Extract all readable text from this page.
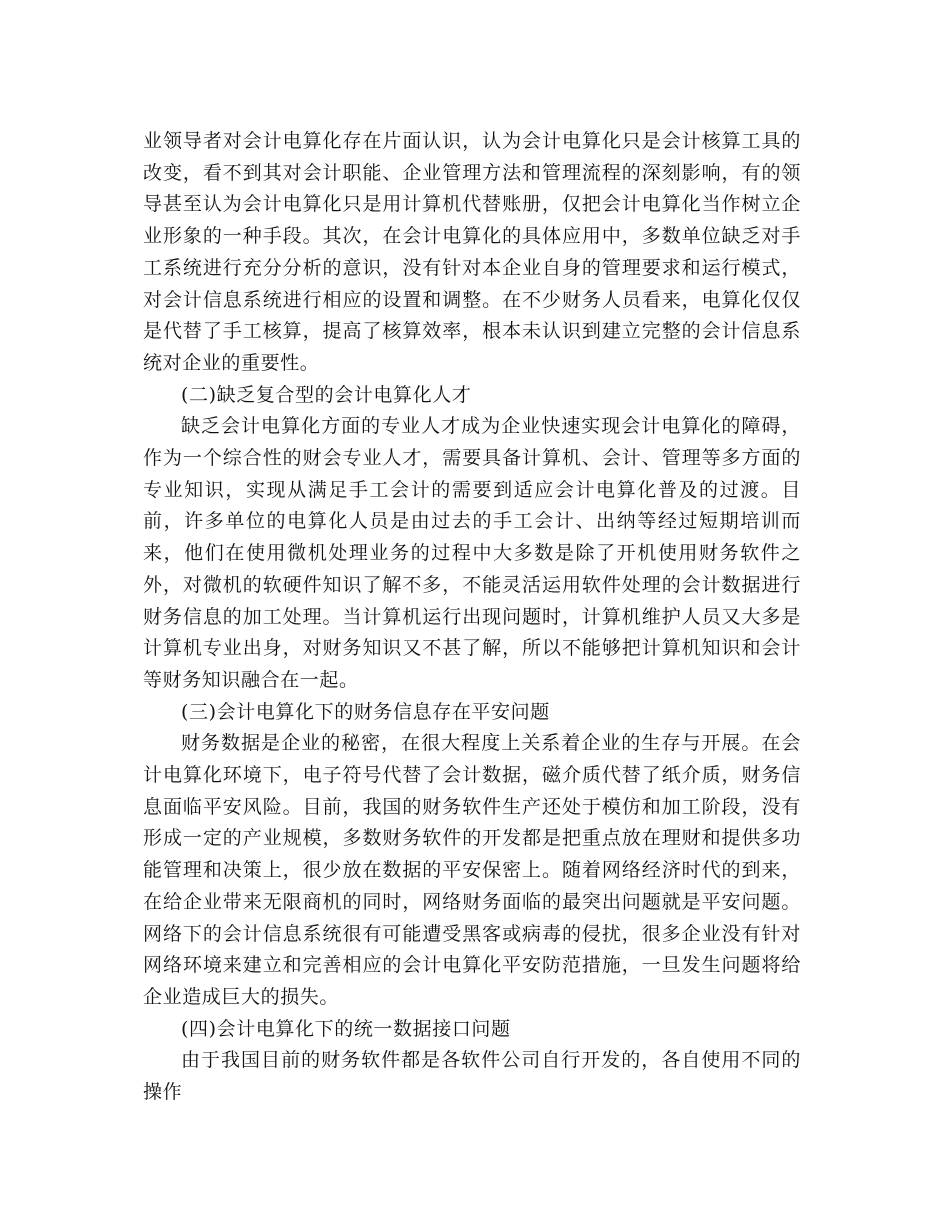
业领导者对会计电算化存在片面认识，认为会计电算化只是会计核算工具的改变，看不到其对会计职能、企业管理方法和管理流程的深刻影响，有的领导甚至认为会计电算化只是用计算机代替账册，仅把会计电算化当作树立企业形象的一种手段。其次，在会计电算化的具体应用中，多数单位缺乏对手工系统进行充分分析的意识，没有针对本企业自身的管理要求和运行模式，对会计信息系统进行相应的设置和调整。在不少财务人员看来，电算化仅仅是代替了手工核算，提高了核算效率，根本未认识到建立完整的会计信息系统对企业的重要性。

(二)缺乏复合型的会计电算化人才

缺乏会计电算化方面的专业人才成为企业快速实现会计电算化的障碍，作为一个综合性的财会专业人才，需要具备计算机、会计、管理等多方面的专业知识，实现从满足手工会计的需要到适应会计电算化普及的过渡。目前，许多单位的电算化人员是由过去的手工会计、出纳等经过短期培训而来，他们在使用微机处理业务的过程中大多数是除了开机使用财务软件之外，对微机的软硬件知识了解不多，不能灵活运用软件处理的会计数据进行财务信息的加工处理。当计算机运行出现问题时，计算机维护人员又大多是计算机专业出身，对财务知识又不甚了解，所以不能够把计算机知识和会计等财务知识融合在一起。

(三)会计电算化下的财务信息存在平安问题

财务数据是企业的秘密，在很大程度上关系着企业的生存与开展。在会计电算化环境下，电子符号代替了会计数据，磁介质代替了纸介质，财务信息面临平安风险。目前，我国的财务软件生产还处于模仿和加工阶段，没有形成一定的产业规模，多数财务软件的开发都是把重点放在理财和提供多功能管理和决策上，很少放在数据的平安保密上。随着网络经济时代的到来，在给企业带来无限商机的同时，网络财务面临的最突出问题就是平安问题。网络下的会计信息系统很有可能遭受黑客或病毒的侵扰，很多企业没有针对网络环境来建立和完善相应的会计电算化平安防范措施，一旦发生问题将给企业造成巨大的损失。

(四)会计电算化下的统一数据接口问题

由于我国目前的财务软件都是各软件公司自行开发的，各自使用不同的操作
